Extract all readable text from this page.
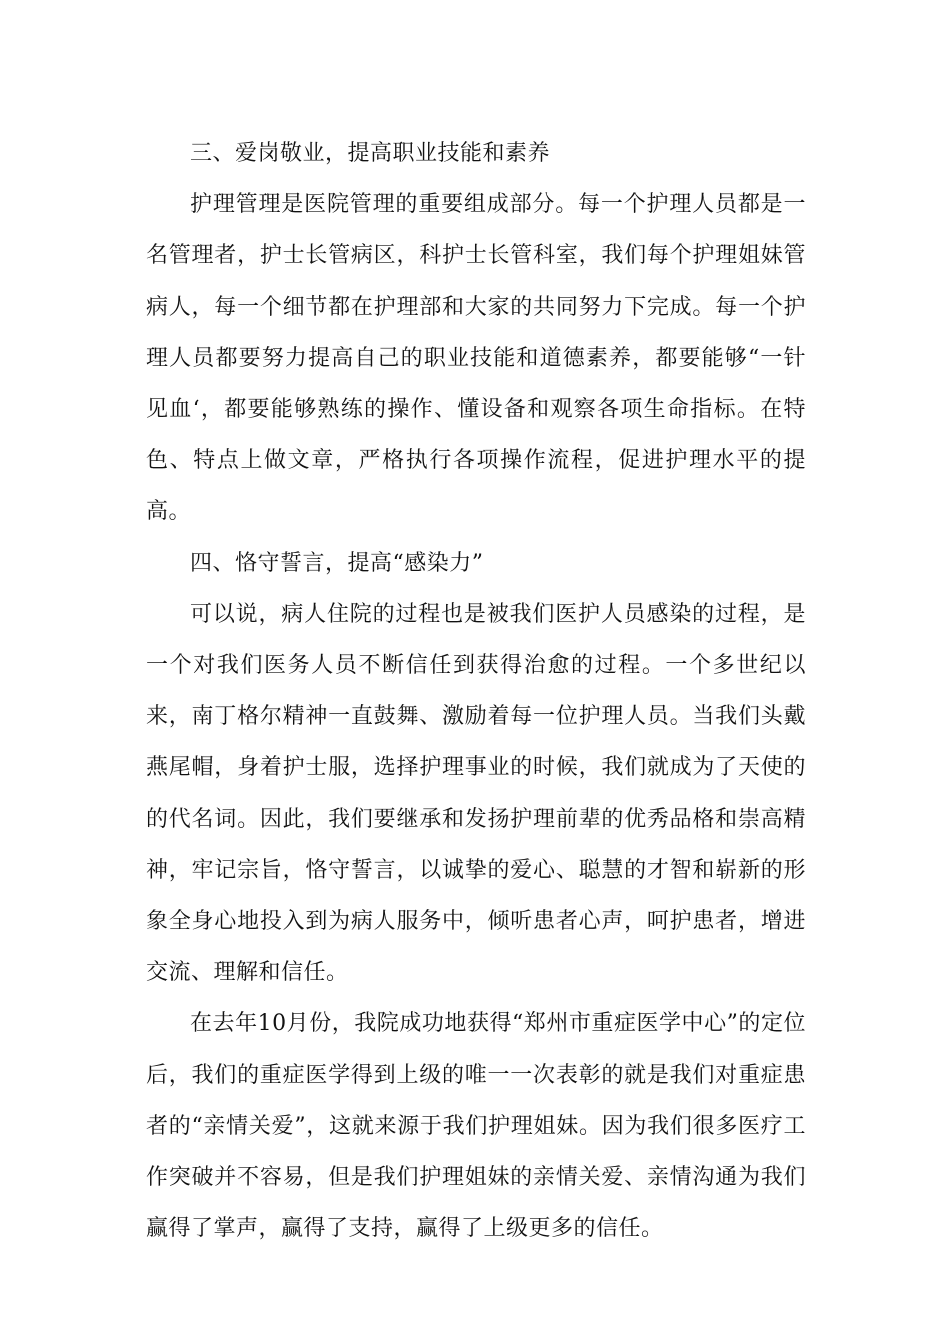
三、爱岗敬业，提高职业技能和素养

护理管理是医院管理的重要组成部分。每一个护理人员都是一名管理者，护士长管病区，科护士长管科室，我们每个护理姐妹管病人，每一个细节都在护理部和大家的共同努力下完成。每一个护理人员都要努力提高自己的职业技能和道德素养，都要能够“一针见血‘，都要能够熟练的操作、懂设备和观察各项生命指标。在特色、特点上做文章，严格执行各项操作流程，促进护理水平的提高。

四、恪守誓言，提高“感染力”

可以说，病人住院的过程也是被我们医护人员感染的过程，是一个对我们医务人员不断信任到获得治愈的过程。一个多世纪以来，南丁格尔精神一直鼓舞、激励着每一位护理人员。当我们头戴燕尾帽，身着护士服，选择护理事业的时候，我们就成为了天使的的代名词。因此，我们要继承和发扬护理前辈的优秀品格和崇高精神，牢记宗旨，恪守誓言，以诚挚的爱心、聪慧的才智和崭新的形象全身心地投入到为病人服务中，倾听患者心声，呵护患者，增进交流、理解和信任。

在去年10月份，我院成功地获得“郑州市重症医学中心”的定位后，我们的重症医学得到上级的唯一一次表彰的就是我们对重症患者的“亲情关爱”，这就来源于我们护理姐妹。因为我们很多医疗工作突破并不容易，但是我们护理姐妹的亲情关爱、亲情沟通为我们赢得了掌声，赢得了支持，赢得了上级更多的信任。
